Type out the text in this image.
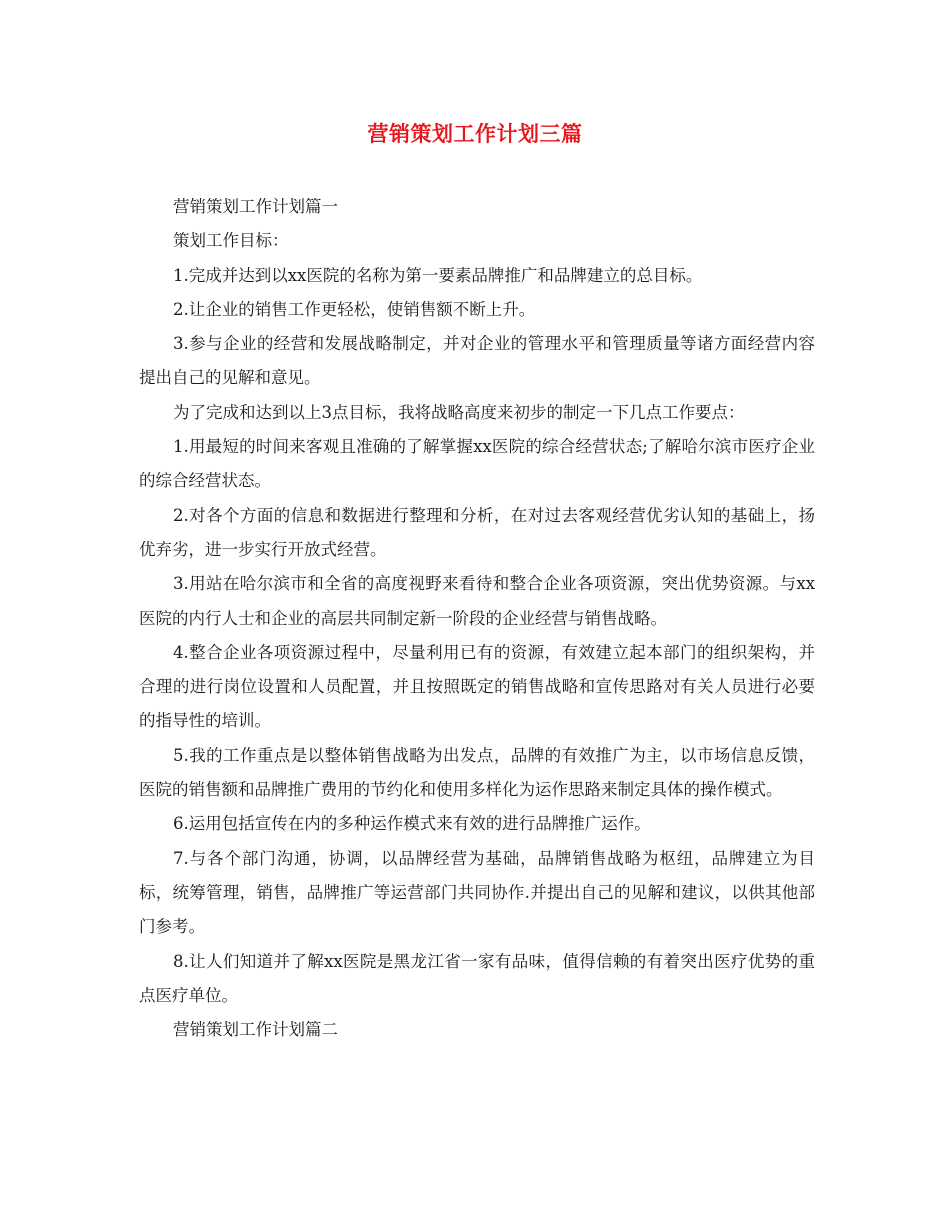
营销策划工作计划三篇

营销策划工作计划篇一

策划工作目标：

1.完成并达到以xx医院的名称为第一要素品牌推广和品牌建立的总目标。

2.让企业的销售工作更轻松，使销售额不断上升。

3.参与企业的经营和发展战略制定，并对企业的管理水平和管理质量等诸方面经营内容提出自己的见解和意见。

为了完成和达到以上3点目标，我将战略高度来初步的制定一下几点工作要点：

1.用最短的时间来客观且准确的了解掌握xx医院的综合经营状态;了解哈尔滨市医疗企业的综合经营状态。

2.对各个方面的信息和数据进行整理和分析，在对过去客观经营优劣认知的基础上，扬优弃劣，进一步实行开放式经营。

3.用站在哈尔滨市和全省的高度视野来看待和整合企业各项资源，突出优势资源。与xx医院的内行人士和企业的高层共同制定新一阶段的企业经营与销售战略。

4.整合企业各项资源过程中，尽量利用已有的资源，有效建立起本部门的组织架构，并合理的进行岗位设置和人员配置，并且按照既定的销售战略和宣传思路对有关人员进行必要的指导性的培训。

5.我的工作重点是以整体销售战略为出发点，品牌的有效推广为主，以市场信息反馈，医院的销售额和品牌推广费用的节约化和使用多样化为运作思路来制定具体的操作模式。

6.运用包括宣传在内的多种运作模式来有效的进行品牌推广运作。

7.与各个部门沟通，协调，以品牌经营为基础，品牌销售战略为枢纽，品牌建立为目标，统筹管理，销售，品牌推广等运营部门共同协作.并提出自己的见解和建议，以供其他部门参考。

8.让人们知道并了解xx医院是黑龙江省一家有品味，值得信赖的有着突出医疗优势的重点医疗单位。

营销策划工作计划篇二
